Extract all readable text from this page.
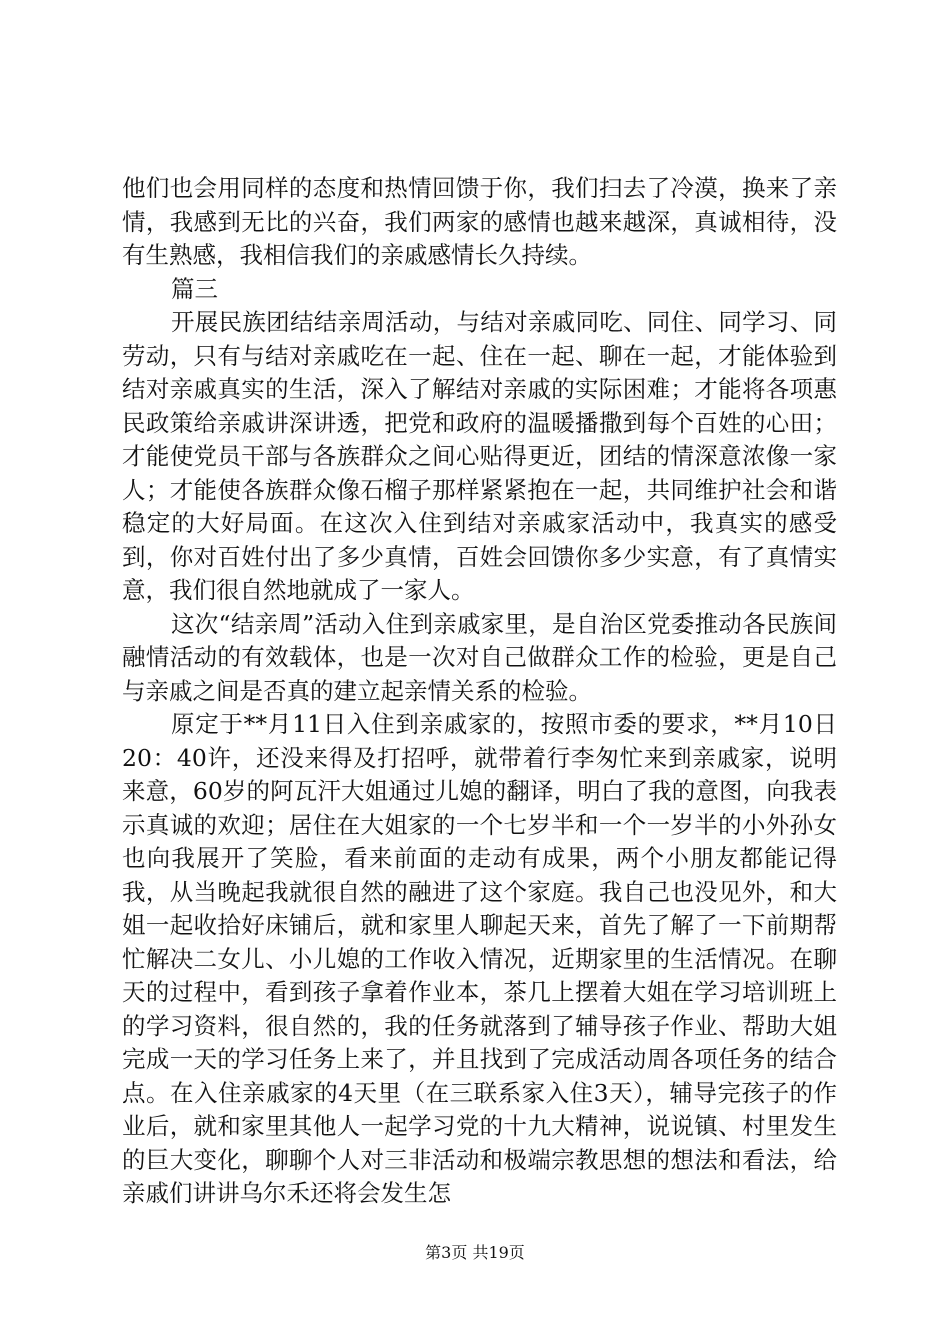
他们也会用同样的态度和热情回馈于你，我们扫去了冷漠，换来了亲情，我感到无比的兴奋，我们两家的感情也越来越深，真诚相待，没有生熟感，我相信我们的亲戚感情长久持续。

篇三

开展民族团结结亲周活动，与结对亲戚同吃、同住、同学习、同劳动，只有与结对亲戚吃在一起、住在一起、聊在一起，才能体验到结对亲戚真实的生活，深入了解结对亲戚的实际困难；才能将各项惠民政策给亲戚讲深讲透，把党和政府的温暖播撒到每个百姓的心田；才能使党员干部与各族群众之间心贴得更近，团结的情深意浓像一家人；才能使各族群众像石榴子那样紧紧抱在一起，共同维护社会和谐稳定的大好局面。在这次入住到结对亲戚家活动中，我真实的感受到，你对百姓付出了多少真情，百姓会回馈你多少实意，有了真情实意，我们很自然地就成了一家人。

这次“结亲周”活动入住到亲戚家里，是自治区党委推动各民族间融情活动的有效载体，也是一次对自己做群众工作的检验，更是自己与亲戚之间是否真的建立起亲情关系的检验。

原定于**月11日入住到亲戚家的，按照市委的要求，**月10日20：40许，还没来得及打招呼，就带着行李匆忙来到亲戚家，说明来意，60岁的阿瓦汗大姐通过儿媳的翻译，明白了我的意图，向我表示真诚的欢迎；居住在大姐家的一个七岁半和一个一岁半的小外孙女也向我展开了笑脸，看来前面的走动有成果，两个小朋友都能记得我，从当晚起我就很自然的融进了这个家庭。我自己也没见外，和大姐一起收拾好床铺后，就和家里人聊起天来，首先了解了一下前期帮忙解决二女儿、小儿媳的工作收入情况，近期家里的生活情况。在聊天的过程中，看到孩子拿着作业本，茶几上摆着大姐在学习培训班上的学习资料，很自然的，我的任务就落到了辅导孩子作业、帮助大姐完成一天的学习任务上来了，并且找到了完成活动周各项任务的结合点。在入住亲戚家的4天里（在三联系家入住3天），辅导完孩子的作业后，就和家里其他人一起学习党的十九大精神，说说镇、村里发生的巨大变化，聊聊个人对三非活动和极端宗教思想的想法和看法，给亲戚们讲讲乌尔禾还将会发生怎

第3页 共19页
